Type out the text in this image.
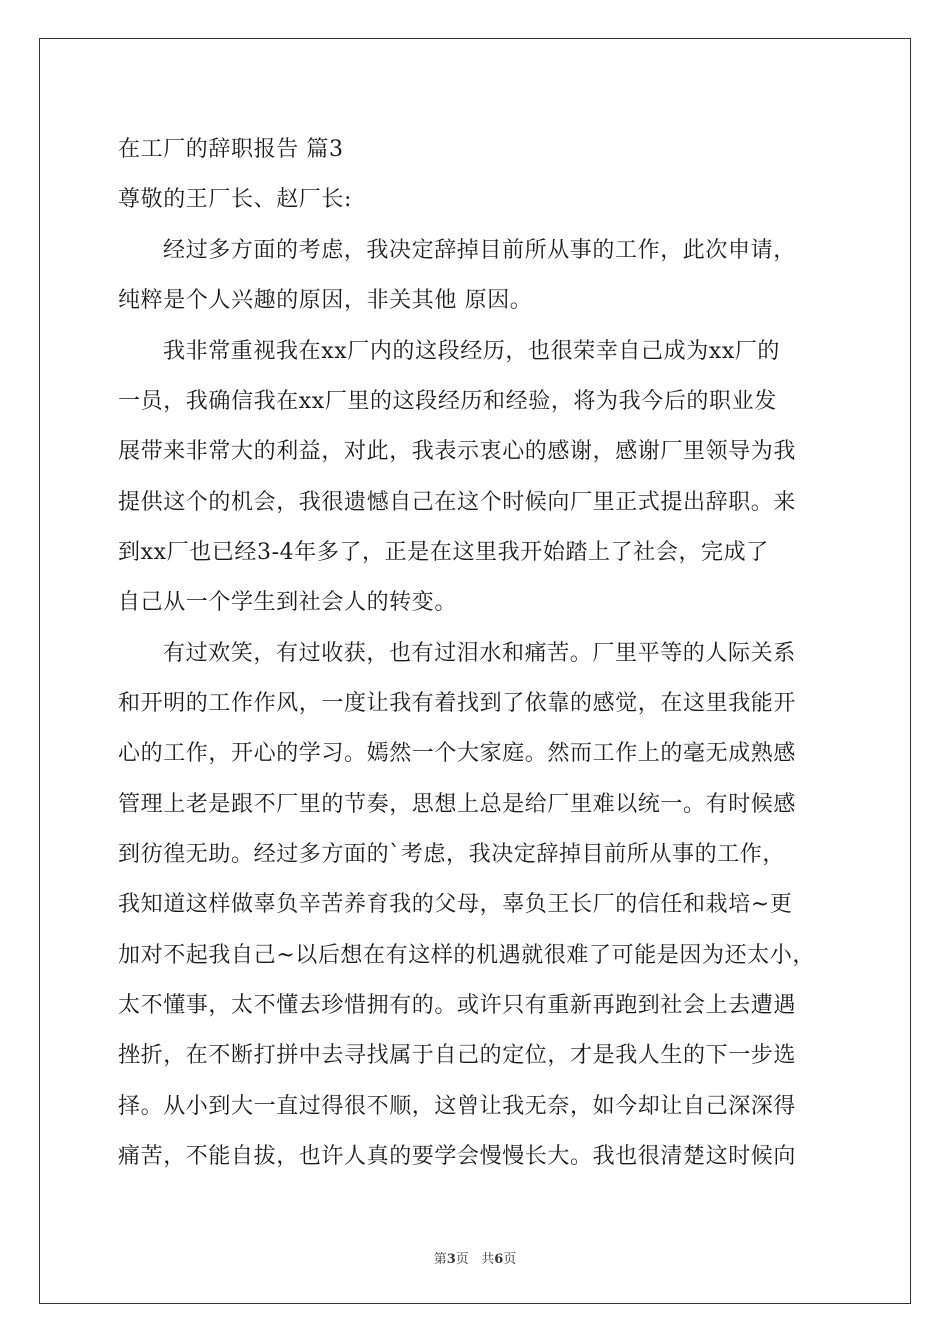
在工厂的辞职报告 篇3
尊敬的王厂长、赵厂长:
经过多方面的考虑，我决定辞掉目前所从事的工作，此次申请，
纯粹是个人兴趣的原因，非关其他 原因。
我非常重视我在xx厂内的这段经历，也很荣幸自己成为xx厂的
一员，我确信我在xx厂里的这段经历和经验，将为我今后的职业发
展带来非常大的利益，对此，我表示衷心的感谢，感谢厂里领导为我
提供这个的机会，我很遗憾自己在这个时候向厂里正式提出辞职。来
到xx厂也已经3-4年多了，正是在这里我开始踏上了社会，完成了
自己从一个学生到社会人的转变。
有过欢笑，有过收获，也有过泪水和痛苦。厂里平等的人际关系
和开明的工作作风，一度让我有着找到了依靠的感觉，在这里我能开
心的工作，开心的学习。嫣然一个大家庭。然而工作上的毫无成熟感
管理上老是跟不厂里的节奏，思想上总是给厂里难以统一。有时候感
到彷徨无助。经过多方面的`考虑，我决定辞掉目前所从事的工作，
我知道这样做辜负辛苦养育我的父母，辜负王长厂的信任和栽培~更
加对不起我自己~以后想在有这样的机遇就很难了可能是因为还太小，
太不懂事，太不懂去珍惜拥有的。或许只有重新再跑到社会上去遭遇
挫折，在不断打拼中去寻找属于自己的定位，才是我人生的下一步选
择。从小到大一直过得很不顺，这曾让我无奈，如今却让自己深深得
痛苦，不能自拔，也许人真的要学会慢慢长大。我也很清楚这时候向
第3页 共6页
